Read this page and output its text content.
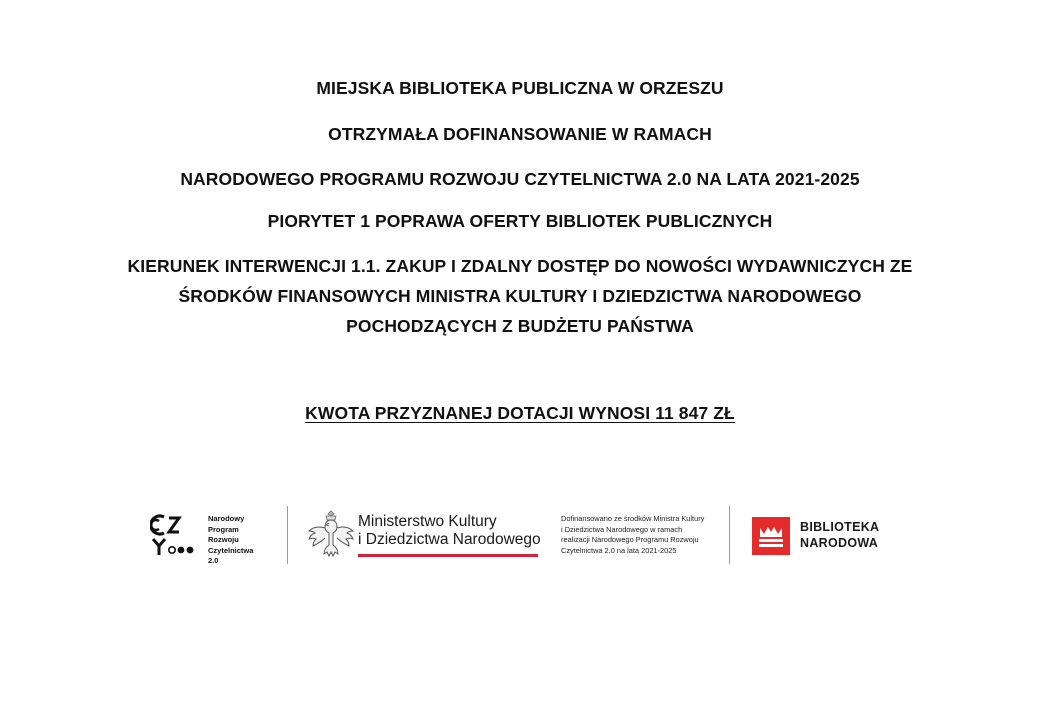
MIEJSKA BIBLIOTEKA PUBLICZNA W ORZESZU
OTRZYMAŁA DOFINANSOWANIE W RAMACH
NARODOWEGO PROGRAMU ROZWOJU CZYTELNICTWA 2.0 NA LATA 2021-2025
PIORYTET 1 POPRAWA OFERTY BIBLIOTEK PUBLICZNYCH
KIERUNEK INTERWENCJI 1.1. ZAKUP I ZDALNY DOSTĘP DO NOWOŚCI WYDAWNICZYCH ZE
ŚRODKÓW FINANSOWYCH MINISTRA KULTURY I DZIEDZICTWA NARODOWEGO
POCHODZĄCYCH Z BUDŻETU PAŃSTWA
KWOTA PRZYZNANEJ DOTACJI WYNOSI 11 847 ZŁ
Narodowy
Program
Rozwoju
Czytelnictwa
2.0
Ministerstwo Kultury
i Dziedzictwa Narodowego
Dofinansowano ze środków Ministra Kultury
i Dziedzictwa Narodowego w ramach
realizacji Narodowego Programu Rozwoju
Czytelnictwa 2.0 na lata 2021-2025
BIBLIOTEKA
NARODOWA
